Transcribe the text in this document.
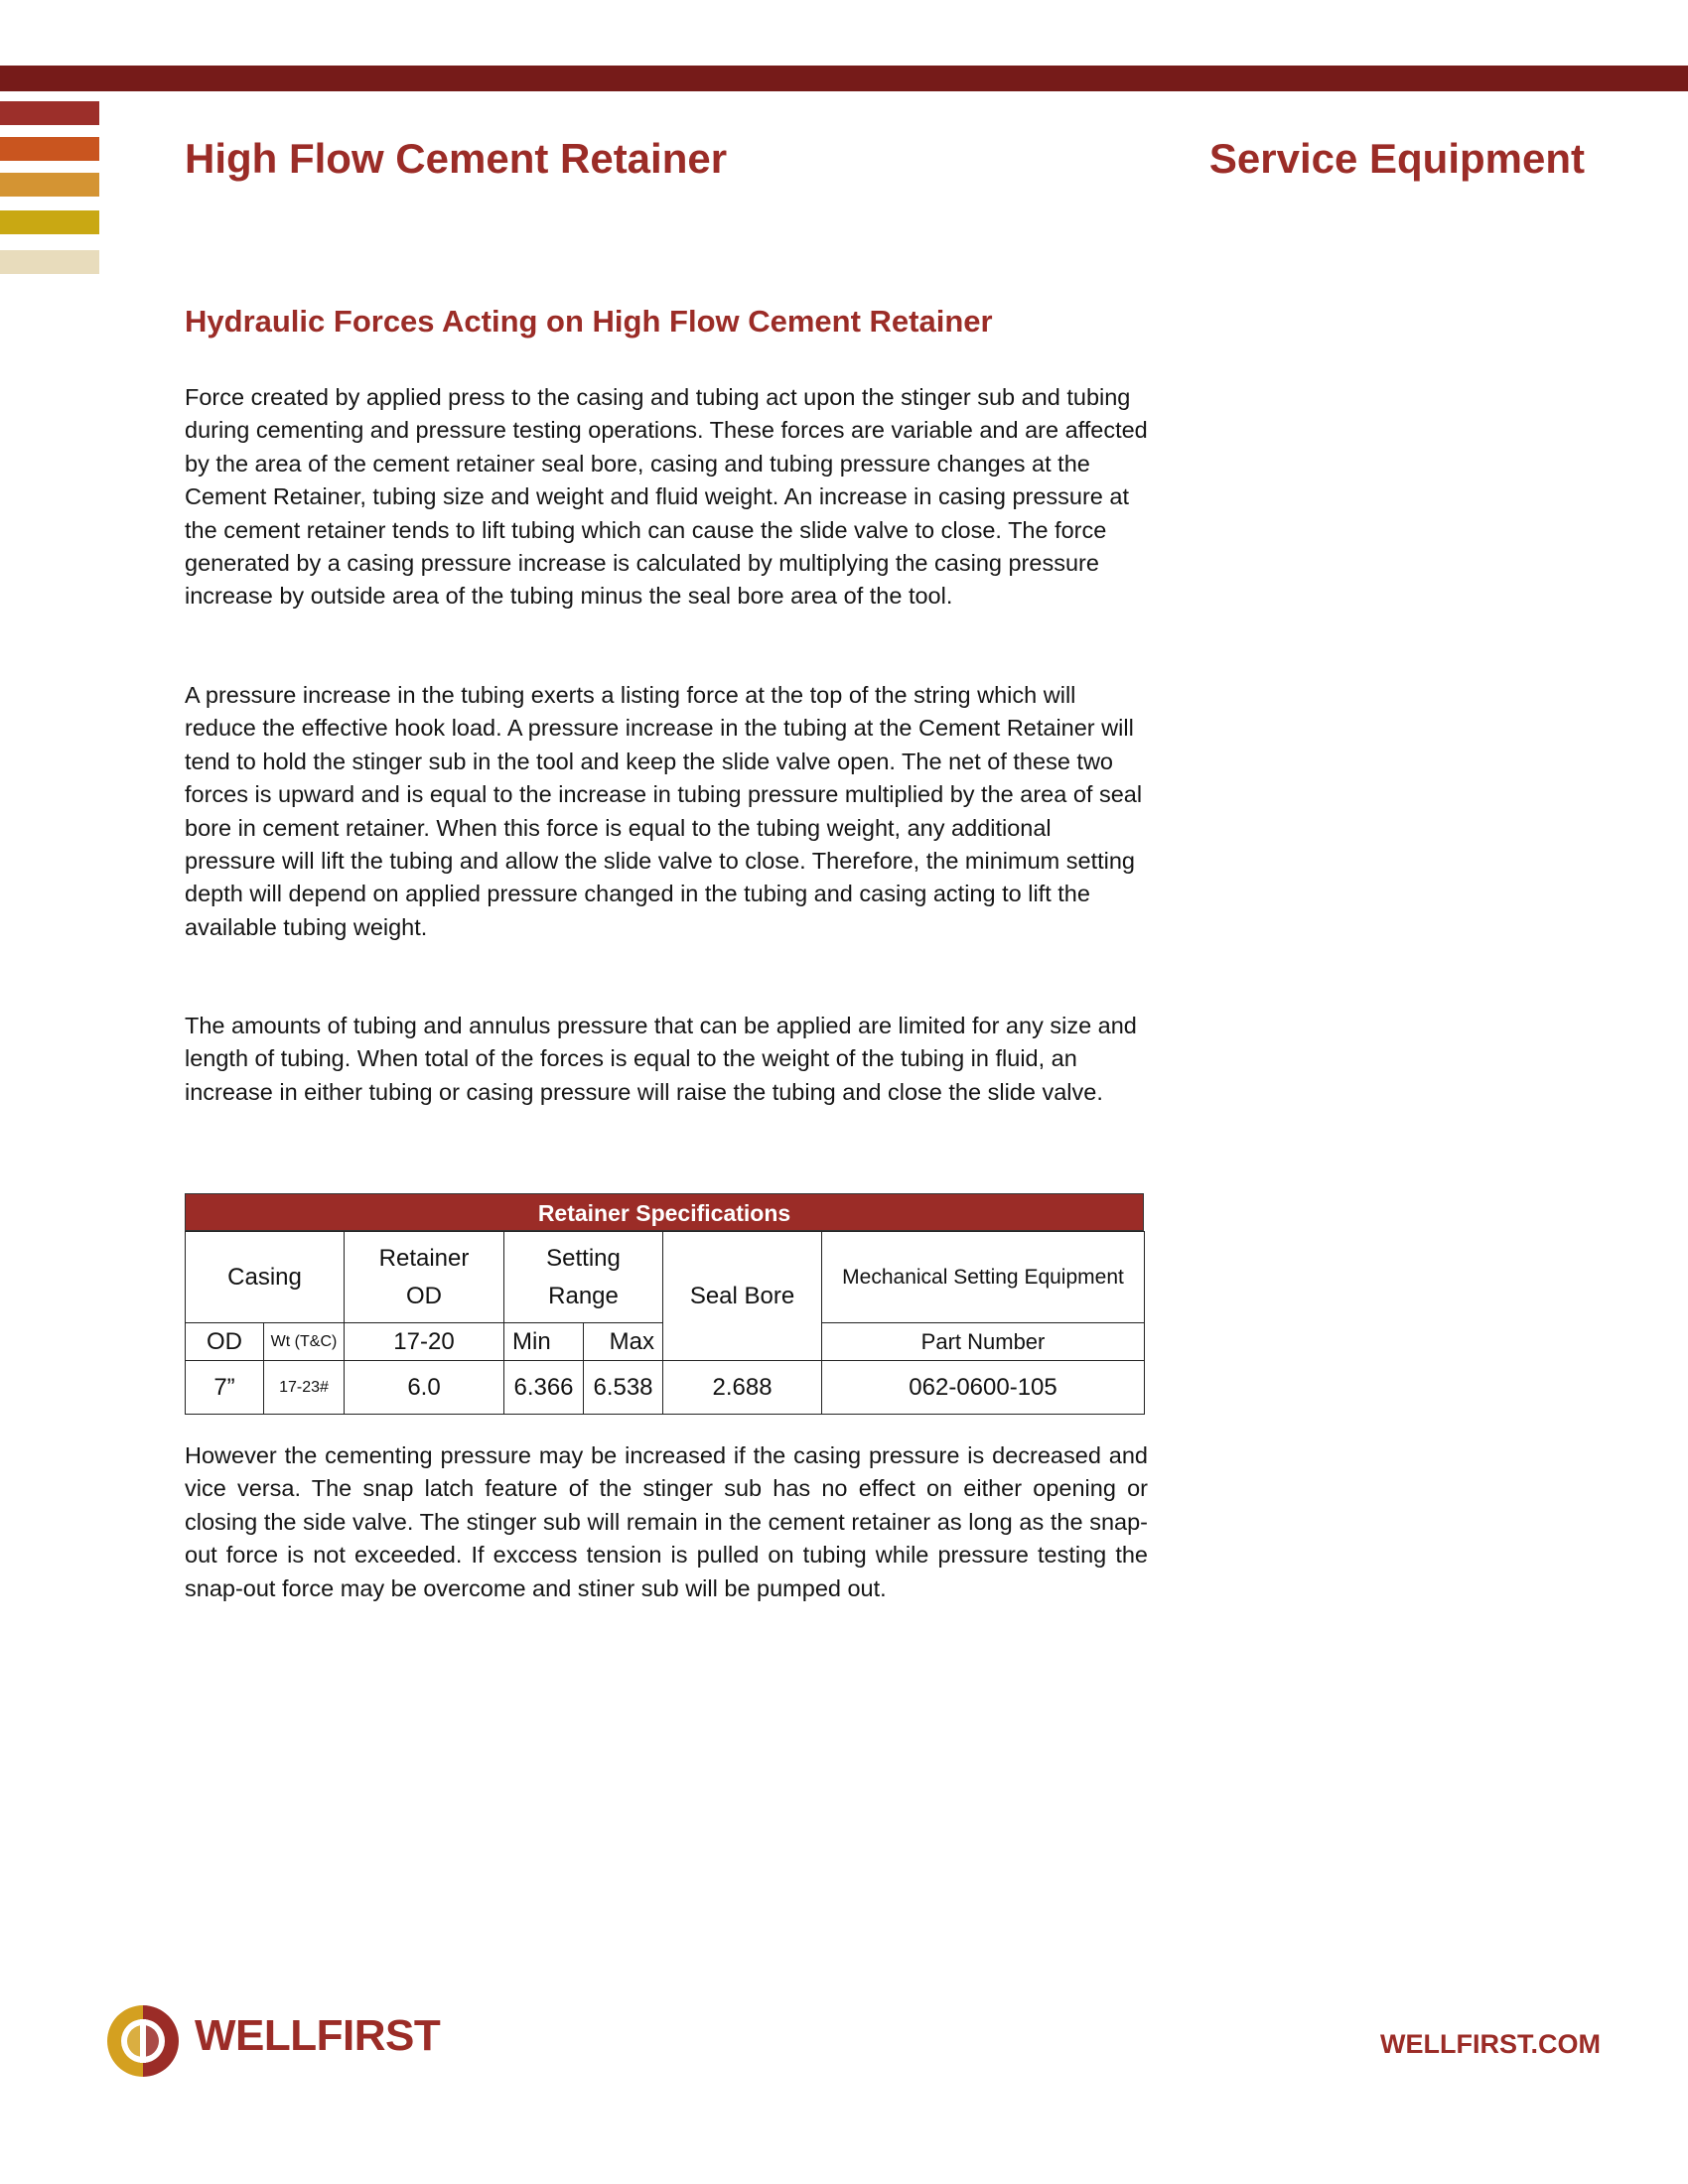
High Flow Cement Retainer	Service Equipment
Hydraulic Forces Acting on High Flow Cement Retainer

Force created by applied press to the casing and tubing act upon the stinger sub and tubing during cementing and pressure testing operations. These forces are variable and are affected by the area of the cement retainer seal bore, casing and tubing pressure changes at the Cement Retainer, tubing size and weight and fluid weight. An increase in casing pressure at the cement retainer tends to lift tubing which can cause the slide valve to close. The force generated by a casing pressure increase is calculated by multiplying the casing pressure increase by outside area of the tubing minus the seal bore area of the tool.

A pressure increase in the tubing exerts a listing force at the top of the string which will reduce the effective hook load. A pressure increase in the tubing at the Cement Retainer will tend to hold the stinger sub in the tool and keep the slide valve open. The net of these two forces is upward and is equal to the increase in tubing pressure multiplied by the area of seal bore in cement retainer. When this force is equal to the tubing weight, any additional pressure will lift the tubing and allow the slide valve to close. Therefore, the minimum setting depth will depend on applied pressure changed in the tubing and casing acting to lift the
available tubing weight.

The amounts of tubing and annulus pressure that can be applied are limited for any size and length of tubing. When total of the forces is equal to the weight of the tubing in fluid, an increase in either tubing or casing pressure will raise the tubing and close the slide valve.

Retainer Specifications
Casing		Retainer OD	Setting Range		Seal Bore	Mechanical Setting Equipment
OD	Wt (T&C)	17-20	Min	Max		Part Number
7”	17-23#	6.0	6.366	6.538	2.688	062-0600-105

However the cementing pressure may be increased if the casing pressure is decreased and vice versa. The snap latch feature of the stinger sub has no effect on either opening or closing the side valve. The stinger sub will remain in the cement retainer as long as the snap-out force is not exceeded. If exccess tension is pulled on tubing while pressure testing the snap-out force may be overcome and stiner sub will be pumped out.

WELLFIRST	WELLFIRST.COM
